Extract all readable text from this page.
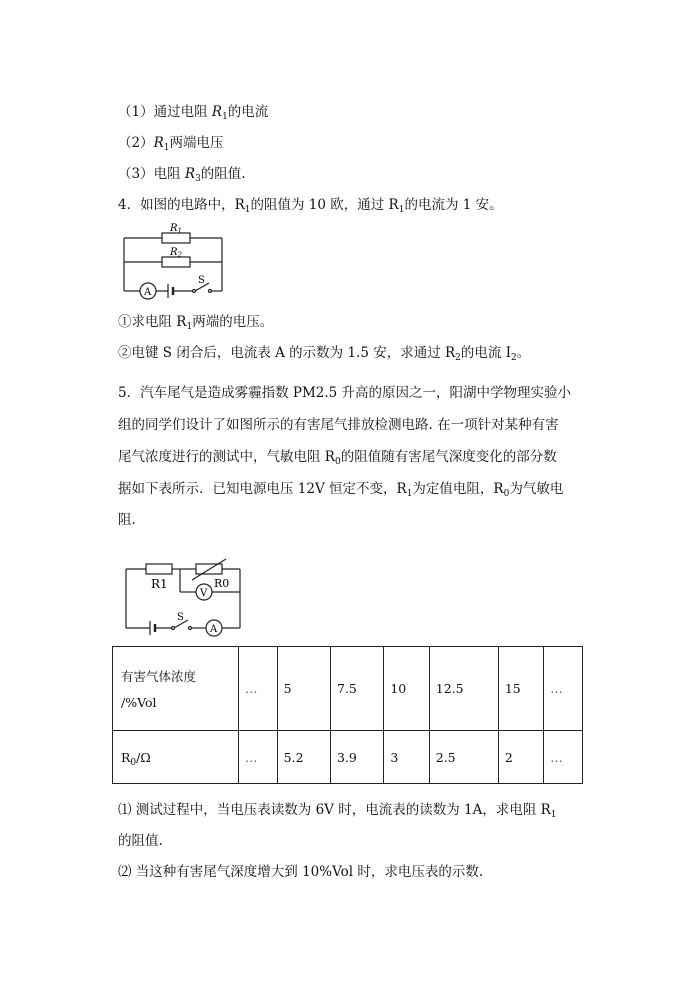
（1）通过电阻 $R_1$的电流
$(2)R_1$两端电压
（3）电阻 $R_3$的阻值.
4．如图的电路中，$R_1$的阻值为 10 欧，通过 $R_1$的电流为 1 安。
$R_1$
$R_2$
S
A
①求电阻 $R_1$两端的电压。
②电键 S 闭合后，电流表 A 的示数为 1.5 安，求通过 $R_2$的电流 $I_2$。
5．汽车尾气是造成雾霾指数 PM2.5 升高的原因之一，阳湖中学物理实验小
组的同学们设计了如图所示的有害尾气排放检测电路. 在一项针对某种有害
尾气浓度进行的测试中，气敏电阻 $R_0$的阻值随有害尾气深度变化的部分数
据如下表所示．已知电源电压 12V 恒定不变，$R_1$为定值电阻，$R_0$为气敏电
阻.
R1	R0
V
S
A
有害气体浓度
/%Vol	…	5	7.5	10	12.5	15	…
$R_0/\Omega$	…	5.2	3.9	3	2.5	2	…
⑴ 测试过程中，当电压表读数为 6V 时，电流表的读数为 1A，求电阻 $R_1$
的阻值.
⑵ 当这种有害尾气深度增大到 10%Vol 时，求电压表的示数.
